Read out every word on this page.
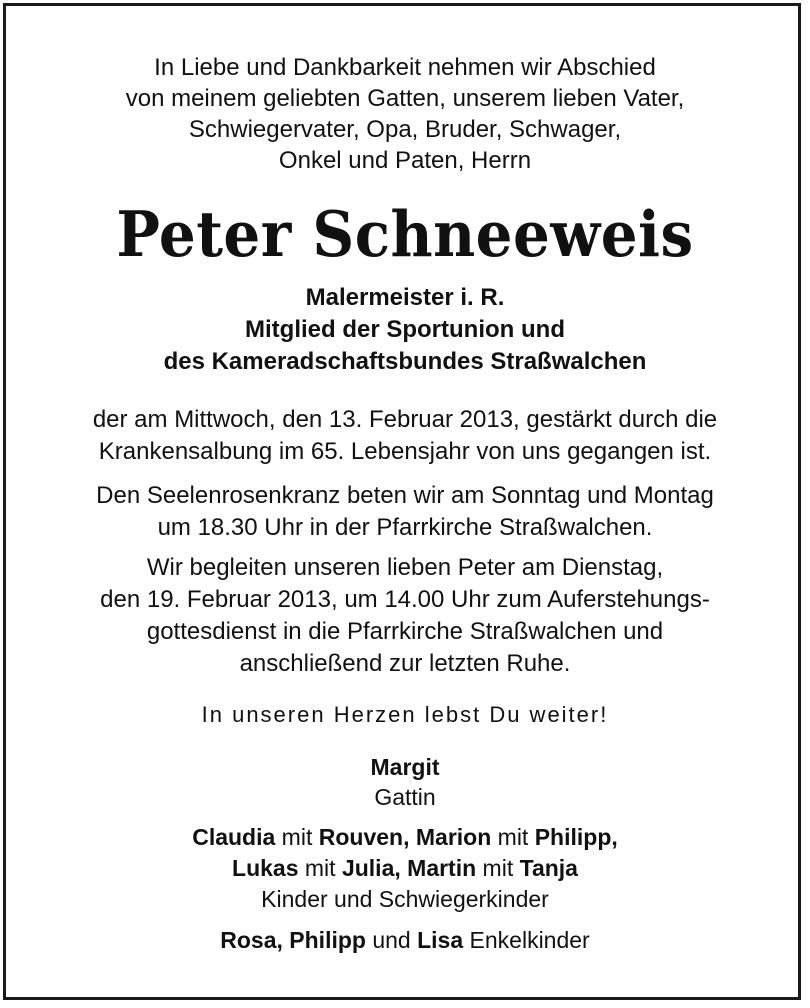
In Liebe und Dankbarkeit nehmen wir Abschied
von meinem geliebten Gatten, unserem lieben Vater,
Schwiegervater, Opa, Bruder, Schwager,
Onkel und Paten, Herrn
Peter Schneeweis
Malermeister i. R.
Mitglied der Sportunion und
des Kameradschaftsbundes Straßwalchen
der am Mittwoch, den 13. Februar 2013, gestärkt durch die
Krankensalbung im 65. Lebensjahr von uns gegangen ist.
Den Seelenrosenkranz beten wir am Sonntag und Montag
um 18.30 Uhr in der Pfarrkirche Straßwalchen.
Wir begleiten unseren lieben Peter am Dienstag,
den 19. Februar 2013, um 14.00 Uhr zum Auferstehungs-
gottesdienst in die Pfarrkirche Straßwalchen und
anschließend zur letzten Ruhe.
In unseren Herzen lebst Du weiter!
Margit
Gattin
Claudia mit Rouven, Marion mit Philipp,
Lukas mit Julia, Martin mit Tanja
Kinder und Schwiegerkinder
Rosa, Philipp und Lisa Enkelkinder
